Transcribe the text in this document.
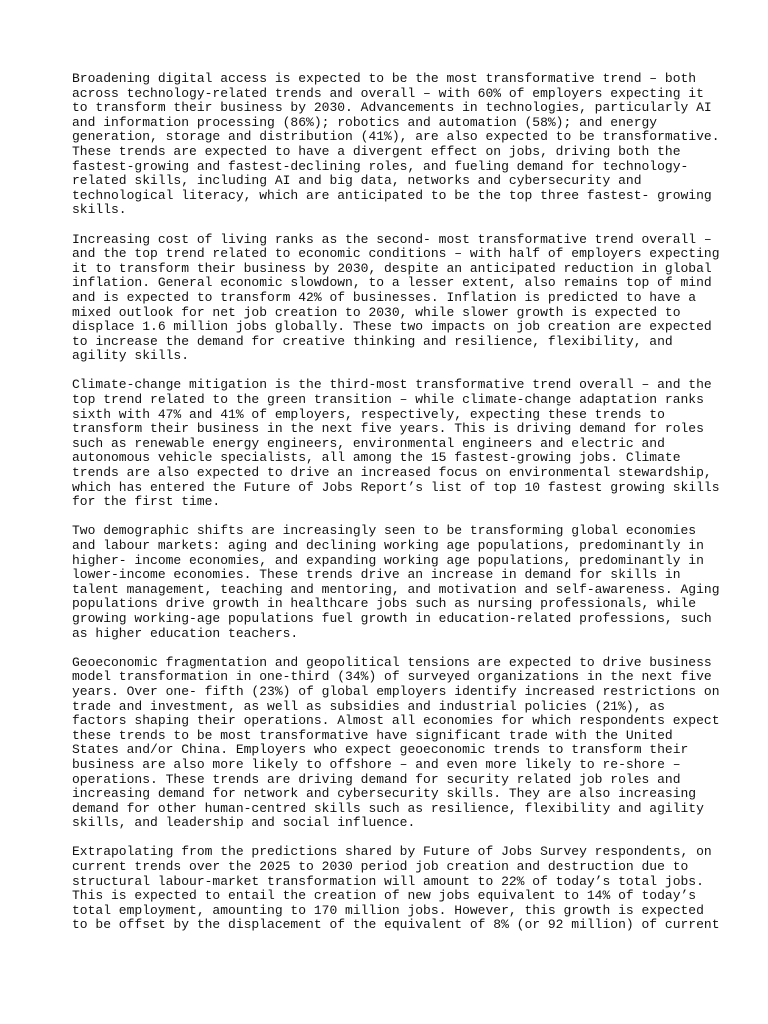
Broadening digital access is expected to be the most transformative trend – both
across technology-related trends and overall – with 60% of employers expecting it
to transform their business by 2030. Advancements in technologies, particularly AI
and information processing (86%); robotics and automation (58%); and energy
generation, storage and distribution (41%), are also expected to be transformative.
These trends are expected to have a divergent effect on jobs, driving both the
fastest-growing and fastest-declining roles, and fueling demand for technology-
related skills, including AI and big data, networks and cybersecurity and
technological literacy, which are anticipated to be the top three fastest- growing
skills.
Increasing cost of living ranks as the second- most transformative trend overall –
and the top trend related to economic conditions – with half of employers expecting
it to transform their business by 2030, despite an anticipated reduction in global
inflation. General economic slowdown, to a lesser extent, also remains top of mind
and is expected to transform 42% of businesses. Inflation is predicted to have a
mixed outlook for net job creation to 2030, while slower growth is expected to
displace 1.6 million jobs globally. These two impacts on job creation are expected
to increase the demand for creative thinking and resilience, flexibility, and
agility skills.
Climate-change mitigation is the third-most transformative trend overall – and the
top trend related to the green transition – while climate-change adaptation ranks
sixth with 47% and 41% of employers, respectively, expecting these trends to
transform their business in the next five years. This is driving demand for roles
such as renewable energy engineers, environmental engineers and electric and
autonomous vehicle specialists, all among the 15 fastest-growing jobs. Climate
trends are also expected to drive an increased focus on environmental stewardship,
which has entered the Future of Jobs Report’s list of top 10 fastest growing skills
for the first time.
Two demographic shifts are increasingly seen to be transforming global economies
and labour markets: aging and declining working age populations, predominantly in
higher- income economies, and expanding working age populations, predominantly in
lower-income economies. These trends drive an increase in demand for skills in
talent management, teaching and mentoring, and motivation and self-awareness. Aging
populations drive growth in healthcare jobs such as nursing professionals, while
growing working-age populations fuel growth in education-related professions, such
as higher education teachers.
Geoeconomic fragmentation and geopolitical tensions are expected to drive business
model transformation in one-third (34%) of surveyed organizations in the next five
years. Over one- fifth (23%) of global employers identify increased restrictions on
trade and investment, as well as subsidies and industrial policies (21%), as
factors shaping their operations. Almost all economies for which respondents expect
these trends to be most transformative have significant trade with the United
States and/or China. Employers who expect geoeconomic trends to transform their
business are also more likely to offshore – and even more likely to re-shore –
operations. These trends are driving demand for security related job roles and
increasing demand for network and cybersecurity skills. They are also increasing
demand for other human-centred skills such as resilience, flexibility and agility
skills, and leadership and social influence.
Extrapolating from the predictions shared by Future of Jobs Survey respondents, on
current trends over the 2025 to 2030 period job creation and destruction due to
structural labour-market transformation will amount to 22% of today’s total jobs.
This is expected to entail the creation of new jobs equivalent to 14% of today’s
total employment, amounting to 170 million jobs. However, this growth is expected
to be offset by the displacement of the equivalent of 8% (or 92 million) of current
